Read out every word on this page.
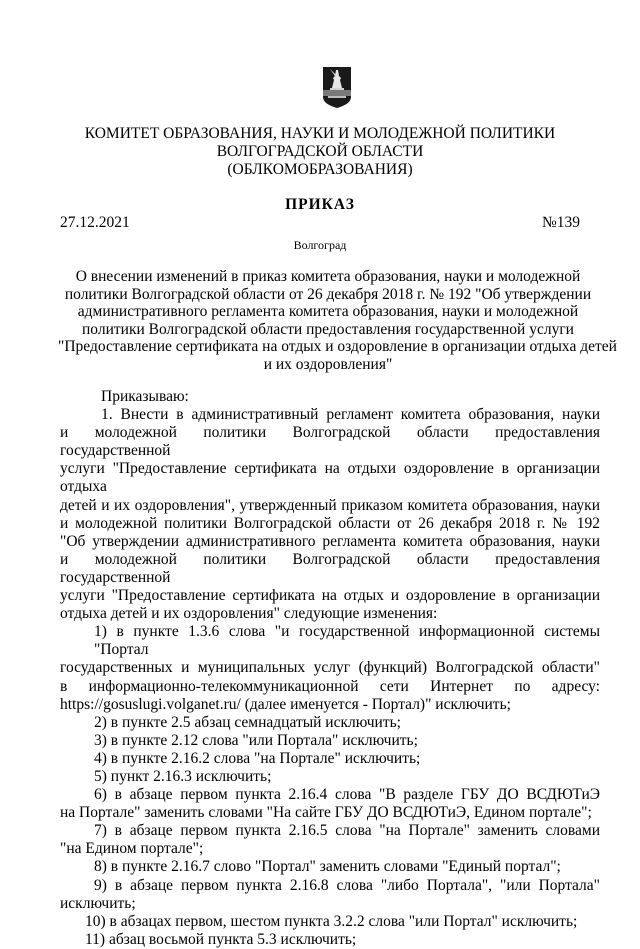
КОМИТЕТ ОБРАЗОВАНИЯ, НАУКИ И МОЛОДЕЖНОЙ ПОЛИТИКИ
ВОЛГОГРАДСКОЙ ОБЛАСТИ
(ОБЛКОМОБРАЗОВАНИЯ)
ПРИКАЗ
27.12.2021	№139
Волгоград
О внесении изменений в приказ комитета образования, науки и молодежной
политики Волгоградской области от 26 декабря 2018 г. № 192 "Об утверждении
административного регламента комитета образования, науки и молодежной
политики Волгоградской области предоставления государственной услуги
"Предоставление сертификата на отдых и оздоровление в организации отдыха детей
и их оздоровления"
Приказываю:
1. Внести в административный регламент комитета образования, науки
и молодежной политики Волгоградской области предоставления государственной
услуги "Предоставление сертификата на отдыхи оздоровление в организации отдыха
детей и их оздоровления", утвержденный приказом комитета образования, науки
и молодежной политики Волгоградской области от 26 декабря 2018 г. № 192
"Об утверждении административного регламента комитета образования, науки
и молодежной политики Волгоградской области предоставления государственной
услуги "Предоставление сертификата на отдых и оздоровление в организации
отдыха детей и их оздоровления" следующие изменения:
1) в пункте 1.3.6 слова "и государственной информационной системы "Портал
государственных и муниципальных услуг (функций) Волгоградской области"
в информационно-телекоммуникационной сети Интернет по адресу:
https://gosuslugi.volganet.ru/ (далее именуется - Портал)" исключить;
2) в пункте 2.5 абзац семнадцатый исключить;
3) в пункте 2.12 слова "или Портала" исключить;
4) в пункте 2.16.2 слова "на Портале" исключить;
5) пункт 2.16.3 исключить;
6) в абзаце первом пункта 2.16.4 слова "В разделе ГБУ ДО ВСДЮТиЭ
на Портале" заменить словами "На сайте ГБУ ДО ВСДЮТиЭ, Едином портале";
7) в абзаце первом пункта 2.16.5 слова "на Портале" заменить словами
"на Едином портале";
8) в пункте 2.16.7 слово "Портал" заменить словами "Единый портал";
9) в абзаце первом пункта 2.16.8 слова "либо Портала", "или Портала"
исключить;
10) в абзацах первом, шестом пункта 3.2.2 слова "или Портал" исключить;
11) абзац восьмой пункта 5.3 исключить;
